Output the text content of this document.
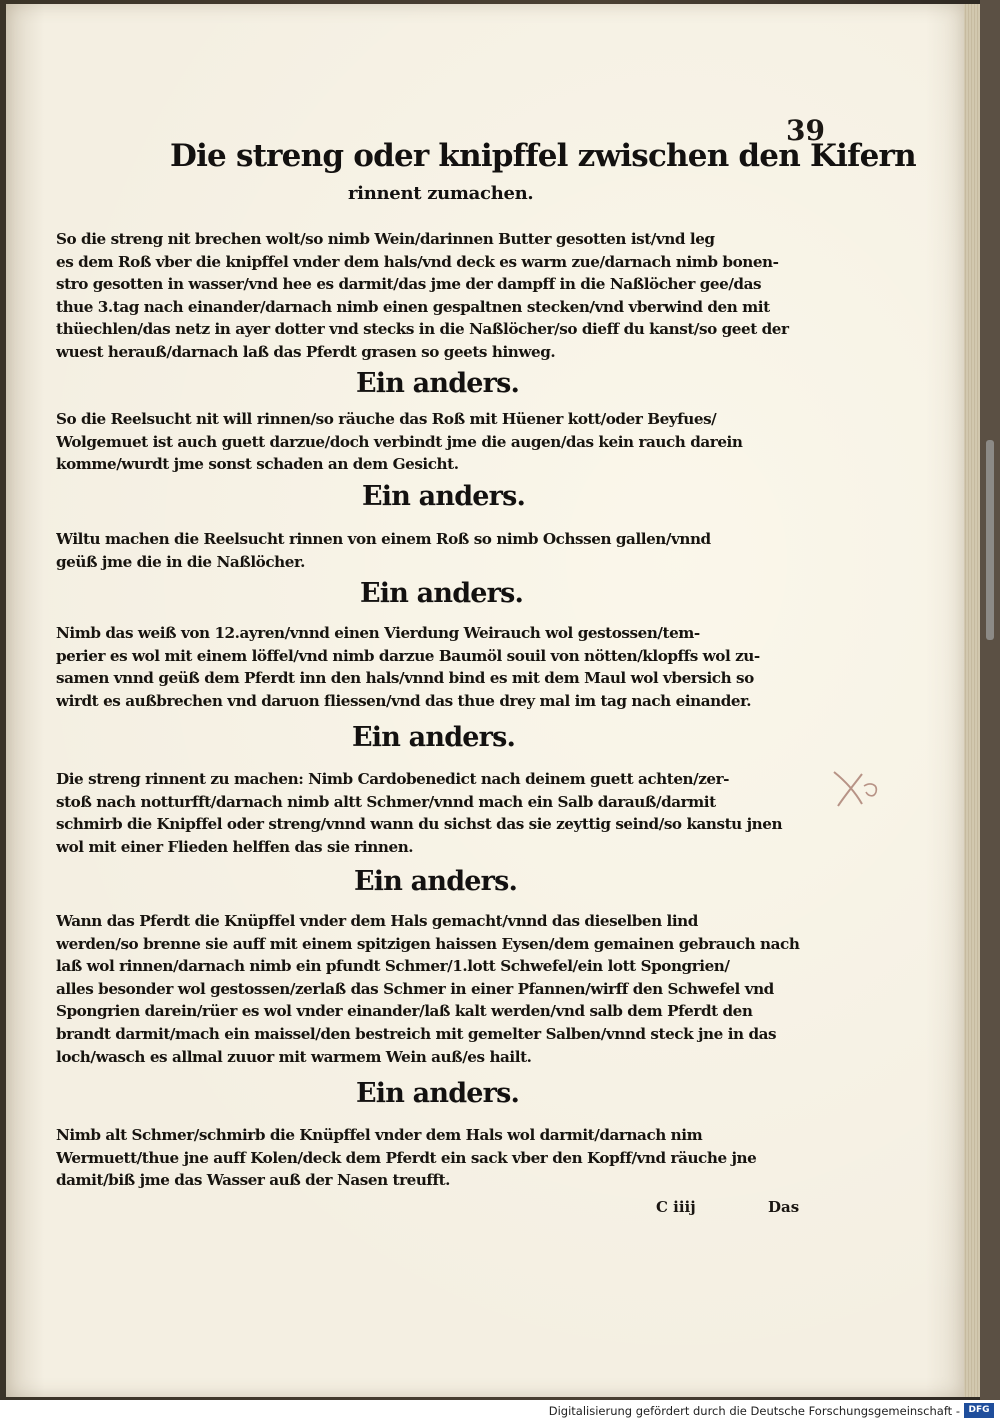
39
Die streng oder knipffel zwischen den Kifern
rinnent zumachen.
So die streng nit brechen wolt/so nimb Wein/darinnen Butter gesotten ist/vnd leg
es dem Roß vber die knipffel vnder dem hals/vnd deck es warm zue/darnach nimb bonen-
stro gesotten in wasser/vnd hee es darmit/das jme der dampff in die Naßlöcher gee/das
thue 3.tag nach einander/darnach nimb einen gespaltnen stecken/vnd vberwind den mit
thüechlen/das netz in ayer dotter vnd stecks in die Naßlöcher/so dieff du kanst/so geet der
wuest herauß/darnach laß das Pferdt grasen so geets hinweg.
Ein anders.
So die Reelsucht nit will rinnen/so räuche das Roß mit Hüener kott/oder Beyfues/
Wolgemuet ist auch guett darzue/doch verbindt jme die augen/das kein rauch darein
komme/wurdt jme sonst schaden an dem Gesicht.
Ein anders.
Wiltu machen die Reelsucht rinnen von einem Roß so nimb Ochssen gallen/vnnd
geüß jme die in die Naßlöcher.
Ein anders.
Nimb das weiß von 12.ayren/vnnd einen Vierdung Weirauch wol gestossen/tem-
perier es wol mit einem löffel/vnd nimb darzue Baumöl souil von nötten/klopffs wol zu-
samen vnnd geüß dem Pferdt inn den hals/vnnd bind es mit dem Maul wol vbersich so
wirdt es außbrechen vnd daruon fliessen/vnd das thue drey mal im tag nach einander.
Ein anders.
Die streng rinnent zu machen: Nimb Cardobenedict nach deinem guett achten/zer-
stoß nach notturfft/darnach nimb altt Schmer/vnnd mach ein Salb darauß/darmit
schmirb die Knipffel oder streng/vnnd wann du sichst das sie zeyttig seind/so kanstu jnen
wol mit einer Flieden helffen das sie rinnen.
Ein anders.
Wann das Pferdt die Knüpffel vnder dem Hals gemacht/vnnd das dieselben lind
werden/so brenne sie auff mit einem spitzigen haissen Eysen/dem gemainen gebrauch nach
laß wol rinnen/darnach nimb ein pfundt Schmer/1.lott Schwefel/ein lott Spongrien/
alles besonder wol gestossen/zerlaß das Schmer in einer Pfannen/wirff den Schwefel vnd
Spongrien darein/rüer es wol vnder einander/laß kalt werden/vnd salb dem Pferdt den
brandt darmit/mach ein maissel/den bestreich mit gemelter Salben/vnnd steck jne in das
loch/wasch es allmal zuuor mit warmem Wein auß/es hailt.
Ein anders.
Nimb alt Schmer/schmirb die Knüpffel vnder dem Hals wol darmit/darnach nim
Wermuett/thue jne auff Kolen/deck dem Pferdt ein sack vber den Kopff/vnd räuche jne
damit/biß jme das Wasser auß der Nasen treufft.
C iiij	Das
Digitalisierung gefördert durch die Deutsche Forschungsgemeinschaft - DFG
